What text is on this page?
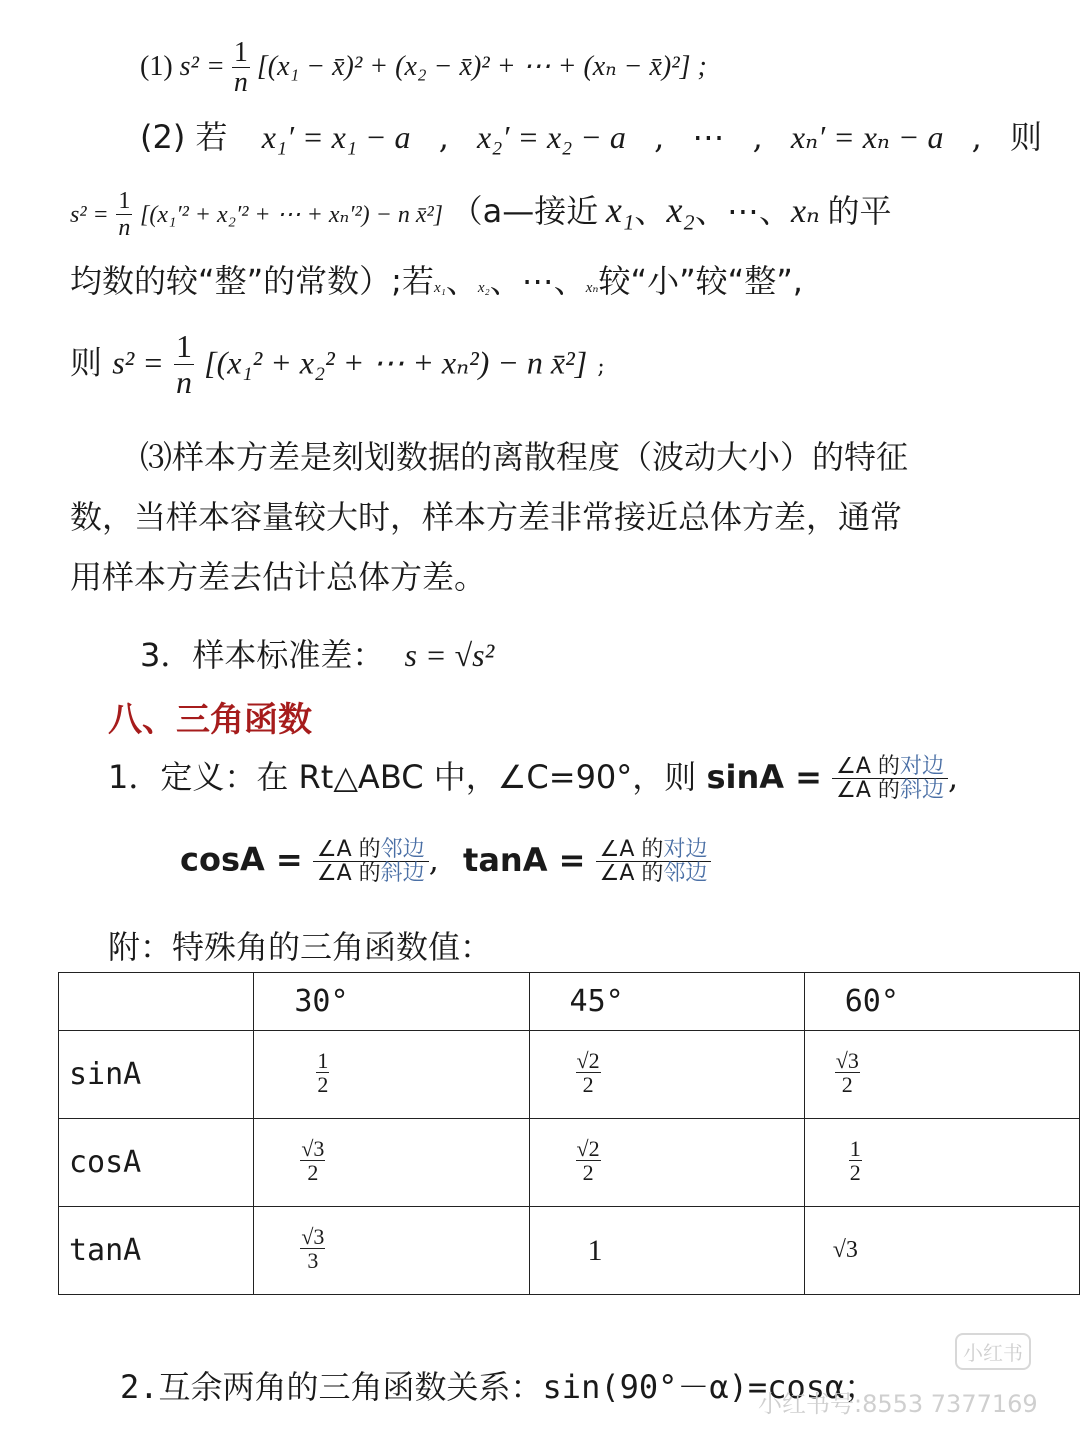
(1) $s^2 = \frac{1}{n} [(x_1$ − x̄)² + (x₂ − x̄)² + ⋯ + (xₙ − x̄)²] ;
(2) 若 x₁′ = x₁ − a , x₂′ = x₂ − a , ⋯ , xₙ′ = xₙ − a , 则
$s^2 = \frac{1}{n} [(x_1'^2 + x_2'^2$ + ⋯ + xₙ′²) − n x̄²] （a—接近 x₁、x₂、⋯、xₙ 的平
均数的较“整”的常数）;若x₁、x₂、⋯、xₙ较“小”较“整”,
则 $s^2 = \frac{1}{n} [(x_1^2 + x_2^2$ + ⋯ + xₙ²) − n x̄²] ;
⑶样本方差是刻划数据的离散程度（波动大小）的特征
数，当样本容量较大时，样本方差非常接近总体方差，通常
用样本方差去估计总体方差。
3．样本标准差： s = √s²
八、三角函数
1．定义：在 Rt△ABC 中，∠C=90°，则 $\sin A = \frac{\text{∠A 的对边}}{\text{∠A 的斜边}}$ ,
$\cos A = \frac{\text{∠A 的邻边}}{\text{∠A 的斜边}}$ , $\tan A = \frac{\text{∠A 的对边}}{\text{∠A 的邻边}}$
附：特殊角的三角函数值：
	30°	45°	60°
sinA	$\frac{1}{2}$	$\frac{√2}{2}$	$\frac{√3}{2}$
cosA	$\frac{√3}{2}$	$\frac{√2}{2}$	$\frac{1}{2}$
tanA	$\frac{√3}{3}$	1	√3
2.互余两角的三角函数关系：sin(90°－α)=cosα；
小红书
小红书号:8553 7377169
